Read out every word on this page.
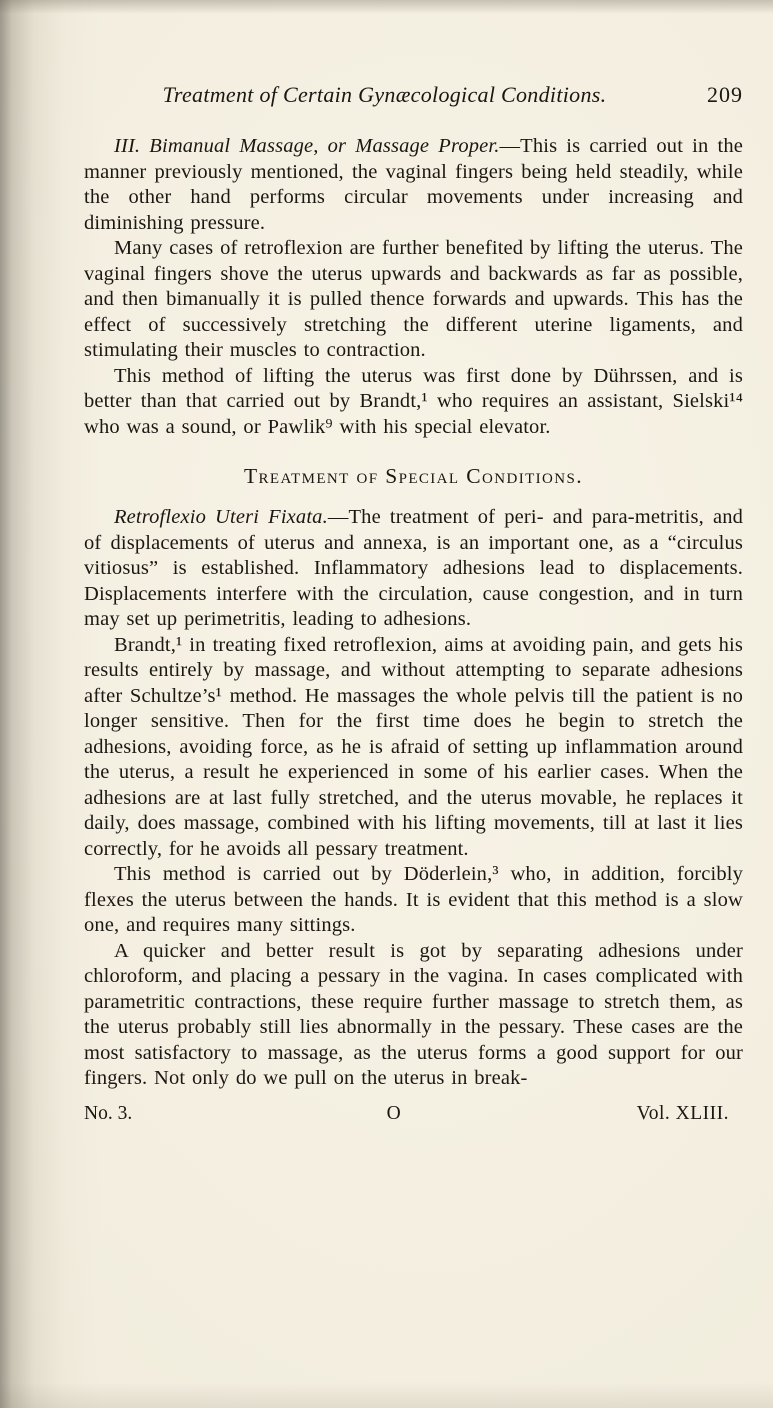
Treatment of Certain Gynæcological Conditions.	209

III. Bimanual Massage, or Massage Proper.—This is carried out in the manner previously mentioned, the vaginal fingers being held steadily, while the other hand performs circular movements under increasing and diminishing pressure.

Many cases of retroflexion are further benefited by lifting the uterus. The vaginal fingers shove the uterus upwards and backwards as far as possible, and then bimanually it is pulled thence forwards and upwards. This has the effect of successively stretching the different uterine ligaments, and stimulating their muscles to contraction.

This method of lifting the uterus was first done by Dührssen, and is better than that carried out by Brandt,¹ who requires an assistant, Sielski¹⁴ who was a sound, or Pawlik⁹ with his special elevator.

Treatment of Special Conditions.

Retroflexio Uteri Fixata.—The treatment of peri- and para-metritis, and of displacements of uterus and annexa, is an important one, as a “circulus vitiosus” is established. Inflammatory adhesions lead to displacements. Displacements interfere with the circulation, cause congestion, and in turn may set up perimetritis, leading to adhesions.

Brandt,¹ in treating fixed retroflexion, aims at avoiding pain, and gets his results entirely by massage, and without attempting to separate adhesions after Schultze’s¹ method. He massages the whole pelvis till the patient is no longer sensitive. Then for the first time does he begin to stretch the adhesions, avoiding force, as he is afraid of setting up inflammation around the uterus, a result he experienced in some of his earlier cases. When the adhesions are at last fully stretched, and the uterus movable, he replaces it daily, does massage, combined with his lifting movements, till at last it lies correctly, for he avoids all pessary treatment.

This method is carried out by Döderlein,³ who, in addition, forcibly flexes the uterus between the hands. It is evident that this method is a slow one, and requires many sittings.

A quicker and better result is got by separating adhesions under chloroform, and placing a pessary in the vagina. In cases complicated with parametritic contractions, these require further massage to stretch them, as the uterus probably still lies abnormally in the pessary. These cases are the most satisfactory to massage, as the uterus forms a good support for our fingers. Not only do we pull on the uterus in break-

No. 3.	O	Vol. XLIII.
